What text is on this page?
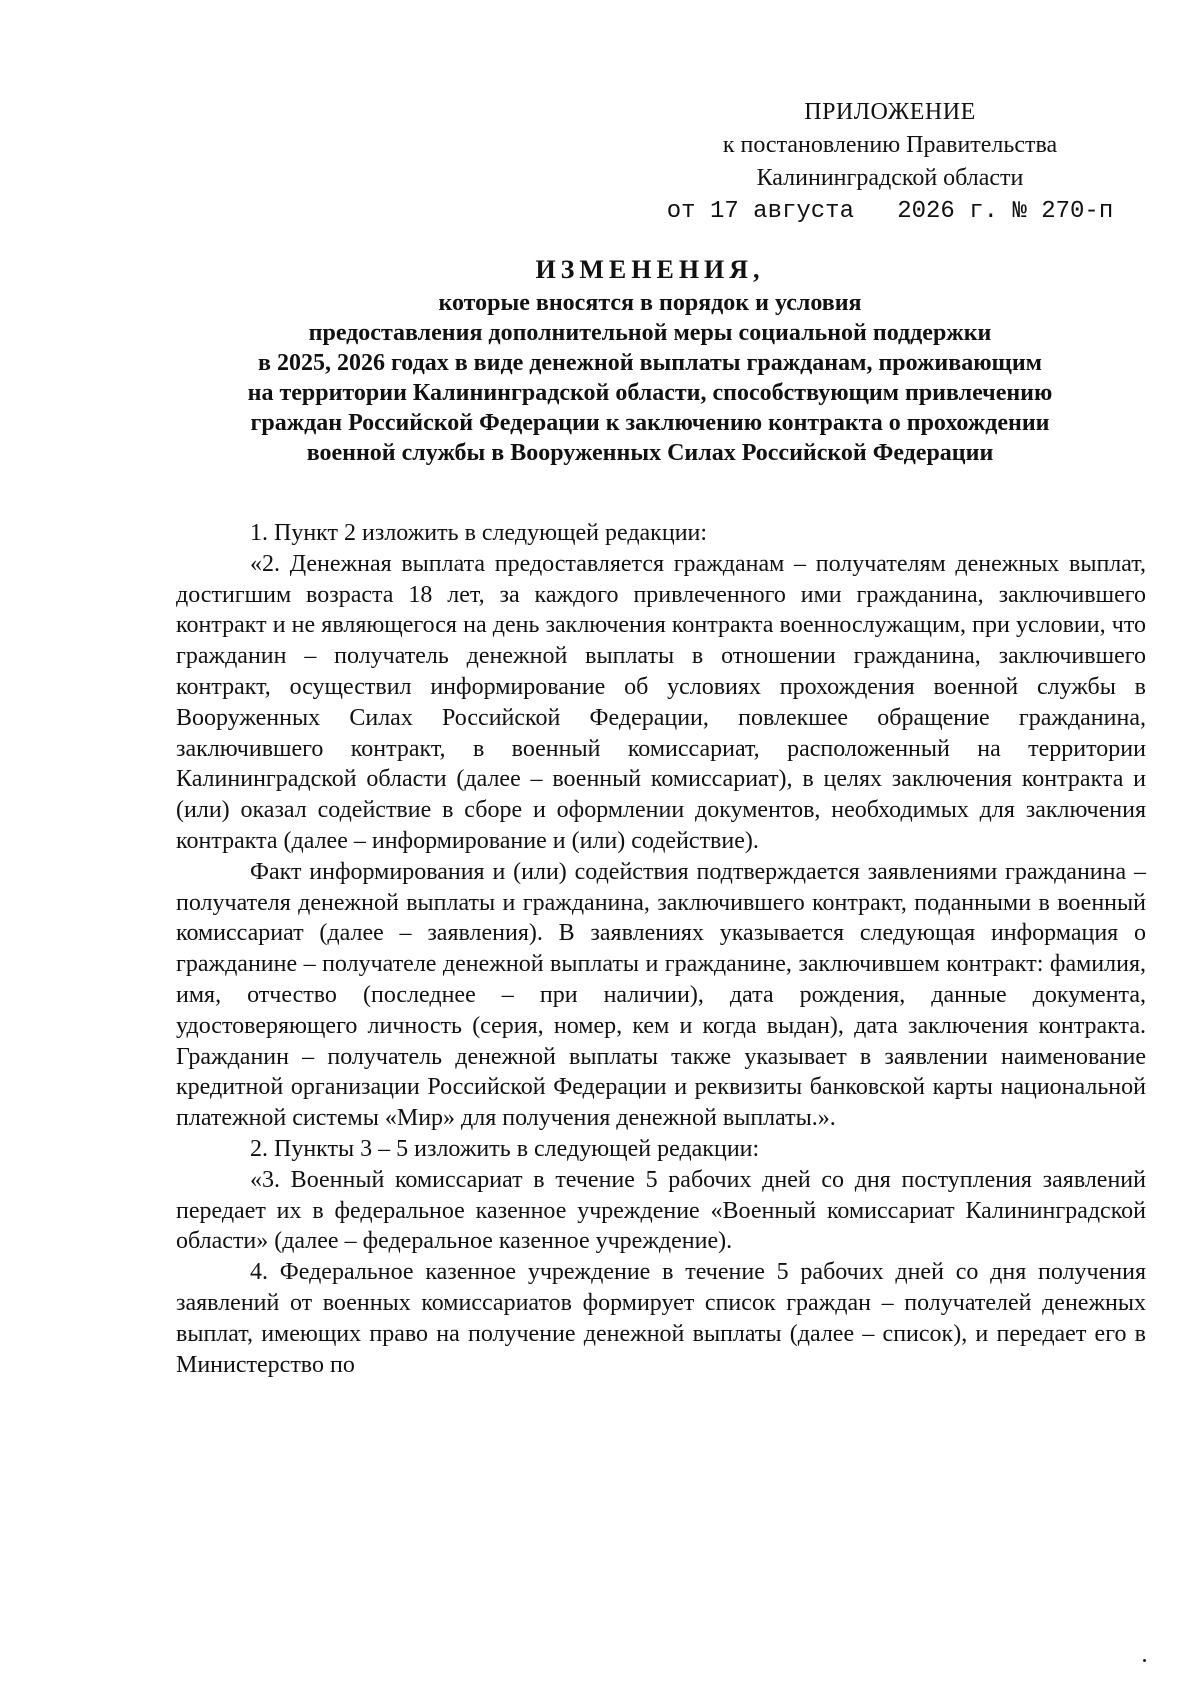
ПРИЛОЖЕНИЕ
к постановлению Правительства
Калининградской области
от 17 августа   2026 г. № 270-п
ИЗМЕНЕНИЯ,
которые вносятся в порядок и условия
предоставления дополнительной меры социальной поддержки
в 2025, 2026 годах в виде денежной выплаты гражданам, проживающим
на территории Калининградской области, способствующим привлечению
граждан Российской Федерации к заключению контракта о прохождении
военной службы в Вооруженных Силах Российской Федерации

1. Пункт 2 изложить в следующей редакции:

«2. Денежная выплата предоставляется гражданам – получателям денежных выплат, достигшим возраста 18 лет, за каждого привлеченного ими гражданина, заключившего контракт и не являющегося на день заключения контракта военнослужащим, при условии, что гражданин – получатель денежной выплаты в отношении гражданина, заключившего контракт, осуществил информирование об условиях прохождения военной службы в Вооруженных Силах Российской Федерации, повлекшее обращение гражданина, заключившего контракт, в военный комиссариат, расположенный на территории Калининградской области (далее – военный комиссариат), в целях заключения контракта и (или) оказал содействие в сборе и оформлении документов, необходимых для заключения контракта (далее – информирование и (или) содействие).

Факт информирования и (или) содействия подтверждается заявлениями гражданина – получателя денежной выплаты и гражданина, заключившего контракт, поданными в военный комиссариат (далее – заявления). В заявлениях указывается следующая информация о гражданине – получателе денежной выплаты и гражданине, заключившем контракт: фамилия, имя, отчество (последнее – при наличии), дата рождения, данные документа, удостоверяющего личность (серия, номер, кем и когда выдан), дата заключения контракта. Гражданин – получатель денежной выплаты также указывает в заявлении наименование кредитной организации Российской Федерации и реквизиты банковской карты национальной платежной системы «Мир» для получения денежной выплаты.».

2. Пункты 3 – 5 изложить в следующей редакции:

«3. Военный комиссариат в течение 5 рабочих дней со дня поступления заявлений передает их в федеральное казенное учреждение «Военный комиссариат Калининградской области» (далее – федеральное казенное учреждение).

4. Федеральное казенное учреждение в течение 5 рабочих дней со дня получения заявлений от военных комиссариатов формирует список граждан – получателей денежных выплат, имеющих право на получение денежной выплаты (далее – список), и передает его в Министерство по
